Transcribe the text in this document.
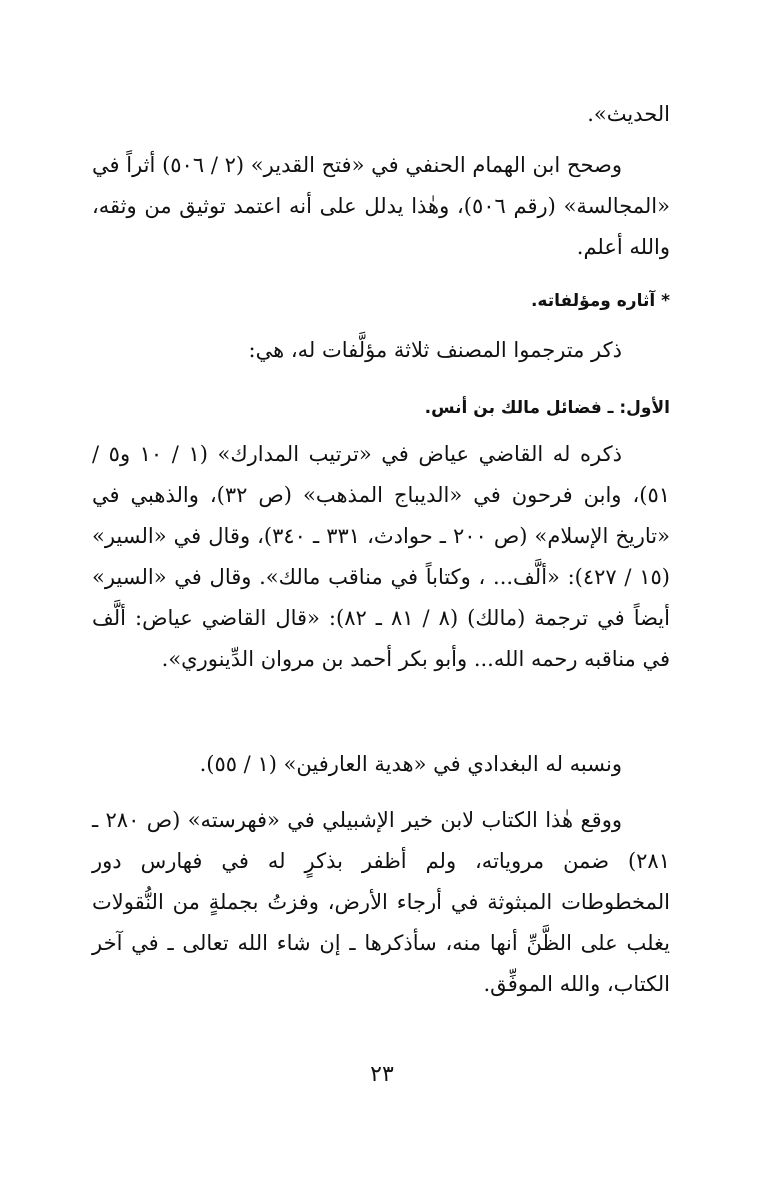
الحديث».
وصحح ابن الهمام الحنفي في «فتح القدير» (٢ / ٥٠٦) أثراً في «المجالسة» (رقم ٥٠٦)، وهٰذا يدلل على أنه اعتمد توثيق من وثقه، والله أعلم.
* آثاره ومؤلفاته.
ذكر مترجموا المصنف ثلاثة مؤلَّفات له، هي:
الأول: ـ فضائل مالك بن أنس.
ذكره له القاضي عياض في «ترتيب المدارك» (١ / ١٠ و٥ / ٥١)، وابن فرحون في «الديباج المذهب» (ص ٣٢)، والذهبي في «تاريخ الإسلام» (ص ٢٠٠ ـ حوادث، ٣٣١ ـ ٣٤٠)، وقال في «السير» (١٥ / ٤٢٧): «ألَّف... ، وكتاباً في مناقب مالك». وقال في «السير» أيضاً في ترجمة (مالك) (٨ / ٨١ ـ ٨٢): «قال القاضي عياض: ألَّف في مناقبه رحمه الله... وأبو بكر أحمد بن مروان الدِّينوري».
ونسبه له البغدادي في «هدية العارفين» (١ / ٥٥).
ووقع هٰذا الكتاب لابن خير الإشبيلي في «فهرسته» (ص ٢٨٠ ـ ٢٨١) ضمن مروياته، ولم أظفر بذكرٍ له في فهارس دور المخطوطات المبثوثة في أرجاء الأرض، وفزتُ بجملةٍ من النُّقولات يغلب على الظَّنِّ أنها منه، سأذكرها ـ إن شاء الله تعالى ـ في آخر الكتاب، والله الموفِّق.
٢٣
